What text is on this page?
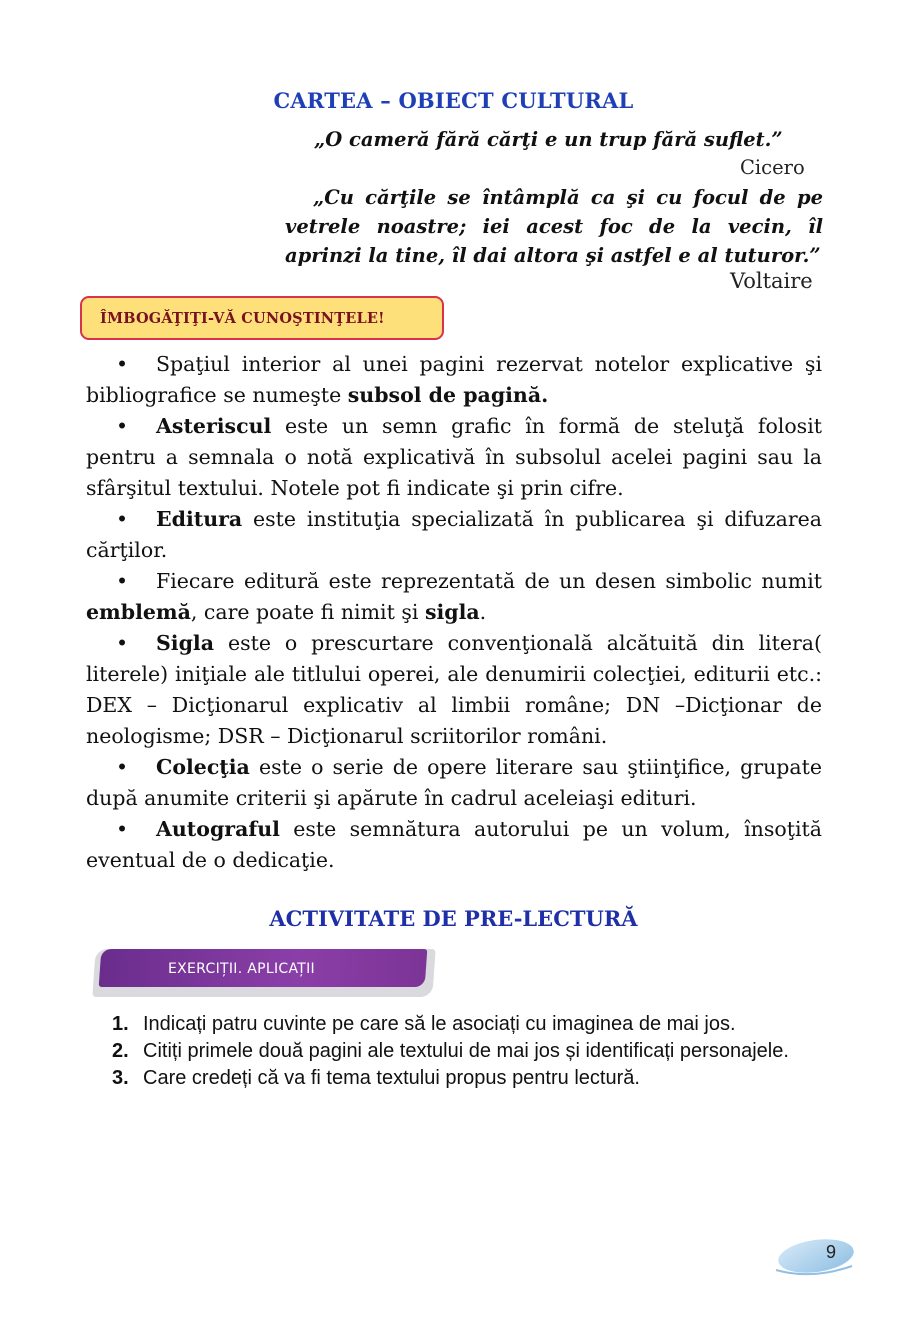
CARTEA – OBIECT CULTURAL
„O cameră fără cărţi e un trup fără suflet.”
Cicero
„Cu cărţile se întâmplă ca şi cu focul de pe vetrele noastre; iei acest foc de la vecin, îl aprinzi la tine, îl dai altora şi astfel e al tuturor.”
Voltaire
ÎMBOGĂŢIŢI-VĂ CUNOŞTINŢELE!

• Spaţiul interior al unei pagini rezervat notelor explicative şi bibliografice se numeşte subsol de pagină.

• Asteriscul este un semn grafic în formă de steluţă folosit pentru a semnala o notă explicativă în subsolul acelei pagini sau la sfârşitul textului. Notele pot fi indicate şi prin cifre.

• Editura este instituţia specializată în publicarea şi difuzarea cărţilor.

• Fiecare editură este reprezentată de un desen simbolic numit emblemă, care poate fi nimit şi sigla.

• Sigla este o prescurtare convenţională alcătuită din litera( literele) iniţiale ale titlului operei, ale denumirii colecţiei, editurii etc.: DEX – Dicţionarul explicativ al limbii române; DN –Dicţionar de neologisme; DSR – Dicţionarul scriitorilor români.

• Colecţia este o serie de opere literare sau ştiinţifice, grupate după anumite criterii şi apărute în cadrul aceleiaşi edituri.

• Autograful este semnătura autorului pe un volum, însoţită eventual de o dedicaţie.

ACTIVITATE DE PRE-LECTURĂ
EXERCIȚII. APLICAȚII
1. Indicați patru cuvinte pe care să le asociați cu imaginea de mai jos.
2. Citiți primele două pagini ale textului de mai jos și identificați personajele.
3. Care credeți că va fi tema textului propus pentru lectură.
9
